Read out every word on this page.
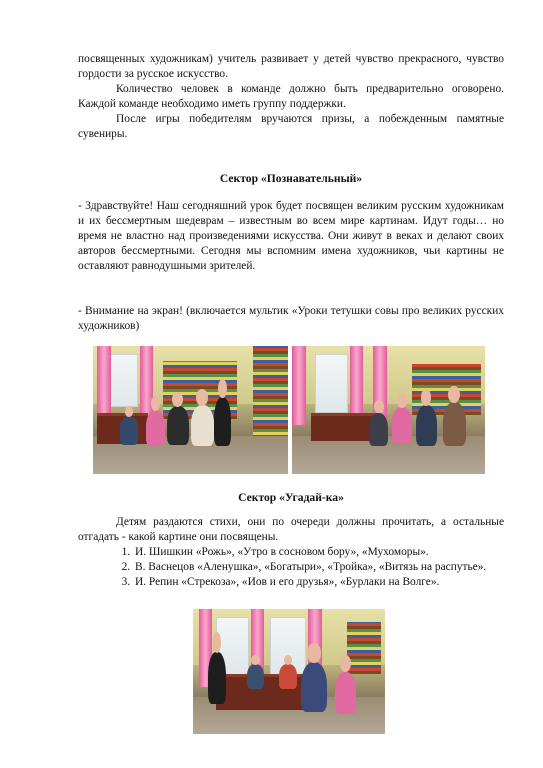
посвященных художникам) учитель развивает у детей чувство прекрасного, чувство гордости за русское искусство.

Количество человек в команде должно быть предварительно оговорено. Каждой команде необходимо иметь группу поддержки.

После игры победителям вручаются призы, а побежденным памятные сувениры.

Сектор «Познавательный»

- Здравствуйте! Наш сегодняшний урок будет посвящен великим русским художникам и их бессмертным шедеврам – известным во всем мире картинам. Идут годы… но время не властно над произведениями искусства. Они живут в веках и делают своих авторов бессмертными. Сегодня мы вспомним имена художников, чьи картины не оставляют равнодушными зрителей.

- Внимание на экран! (включается мультик «Уроки тетушки совы про великих русских художников)

Сектор «Угадай-ка»

Детям раздаются стихи, они по очереди должны прочитать, а остальные отгадать - какой картине они посвящены.

1. И. Шишкин «Рожь», «Утро в сосновом бору», «Мухоморы».
2. В. Васнецов «Аленушка», «Богатыри», «Тройка», «Витязь на распутье».
3. И. Репин «Стрекоза», «Иов и его друзья», «Бурлаки на Волге».
